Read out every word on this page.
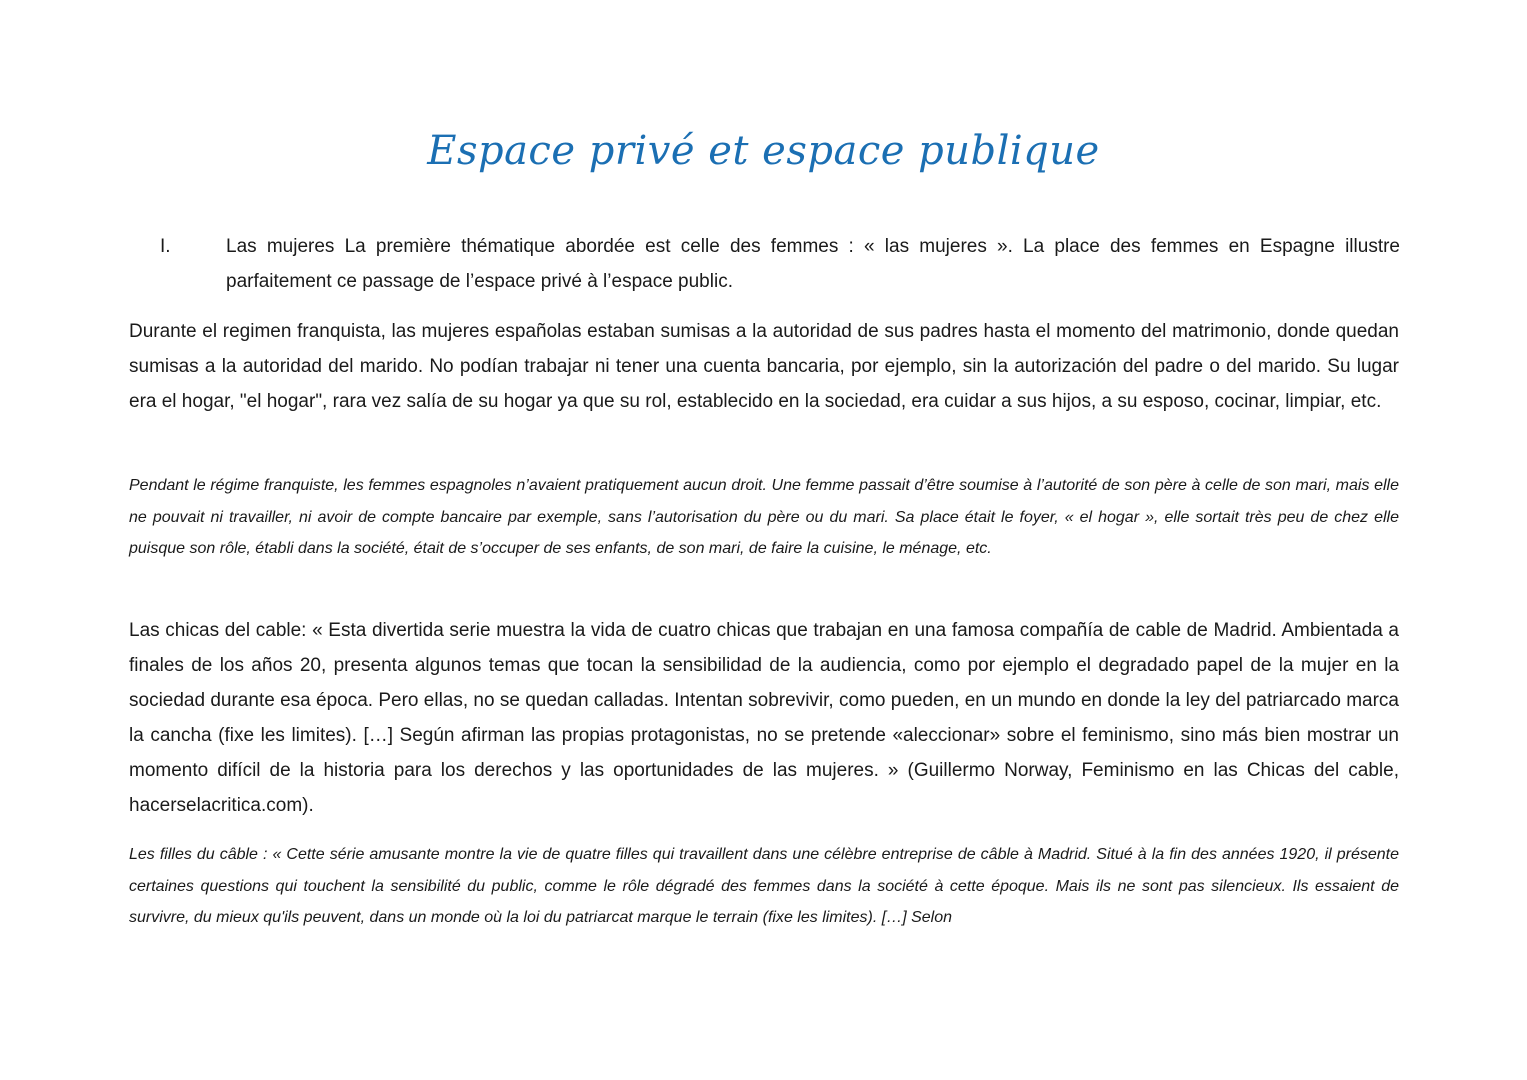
Espace privé et espace publique
I.	Las mujeres La première thématique abordée est celle des femmes : « las mujeres ». La place des femmes en Espagne illustre parfaitement ce passage de l’espace privé à l’espace public.
Durante el regimen franquista, las mujeres españolas estaban sumisas a la autoridad de sus padres hasta el momento del matrimonio, donde quedan sumisas a la autoridad del marido. No podían trabajar ni tener una cuenta bancaria, por ejemplo, sin la autorización del padre o del marido. Su lugar era el hogar, "el hogar", rara vez salía de su hogar ya que su rol, establecido en la sociedad, era cuidar a sus hijos, a su esposo, cocinar, limpiar, etc.
Pendant le régime franquiste, les femmes espagnoles n’avaient pratiquement aucun droit. Une femme passait d’être soumise à l’autorité de son père à celle de son mari, mais elle ne pouvait ni travailler, ni avoir de compte bancaire par exemple, sans l’autorisation du père ou du mari. Sa place était le foyer, « el hogar », elle sortait très peu de chez elle puisque son rôle, établi dans la société, était de s’occuper de ses enfants, de son mari, de faire la cuisine, le ménage, etc.
Las chicas del cable: « Esta divertida serie muestra la vida de cuatro chicas que trabajan en una famosa compañía de cable de Madrid. Ambientada a finales de los años 20, presenta algunos temas que tocan la sensibilidad de la audiencia, como por ejemplo el degradado papel de la mujer en la sociedad durante esa época. Pero ellas, no se quedan calladas. Intentan sobrevivir, como pueden, en un mundo en donde la ley del patriarcado marca la cancha (fixe les limites). […] Según afirman las propias protagonistas, no se pretende «aleccionar» sobre el feminismo, sino más bien mostrar un momento difícil de la historia para los derechos y las oportunidades de las mujeres. » (Guillermo Norway, Feminismo en las Chicas del cable, hacerselacritica.com).
Les filles du câble : « Cette série amusante montre la vie de quatre filles qui travaillent dans une célèbre entreprise de câble à Madrid. Situé à la fin des années 1920, il présente certaines questions qui touchent la sensibilité du public, comme le rôle dégradé des femmes dans la société à cette époque. Mais ils ne sont pas silencieux. Ils essaient de survivre, du mieux qu'ils peuvent, dans un monde où la loi du patriarcat marque le terrain (fixe les limites). […] Selon
